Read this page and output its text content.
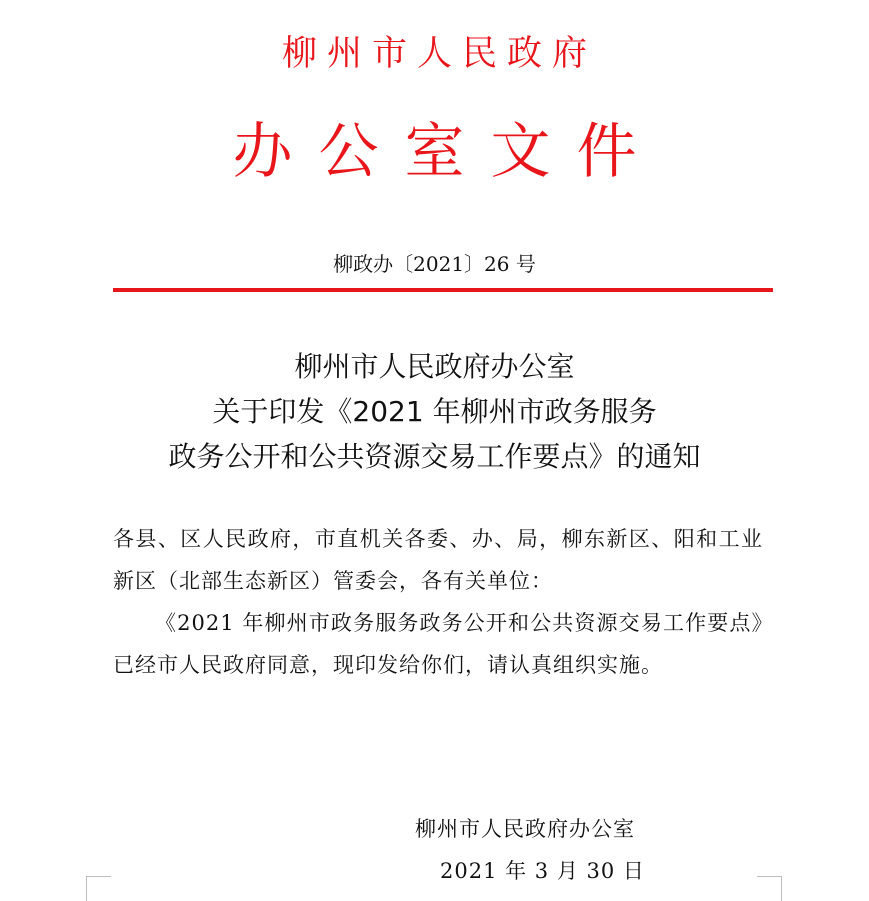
柳州市人民政府
办公室文件
柳政办〔2021〕26 号
柳州市人民政府办公室
关于印发《2021 年柳州市政务服务
政务公开和公共资源交易工作要点》的通知

各县、区人民政府，市直机关各委、办、局，柳东新区、阳和工业新区（北部生态新区）管委会，各有关单位：

《2021 年柳州市政务服务政务公开和公共资源交易工作要点》已经市人民政府同意，现印发给你们，请认真组织实施。

柳州市人民政府办公室
2021 年 3 月 30 日
